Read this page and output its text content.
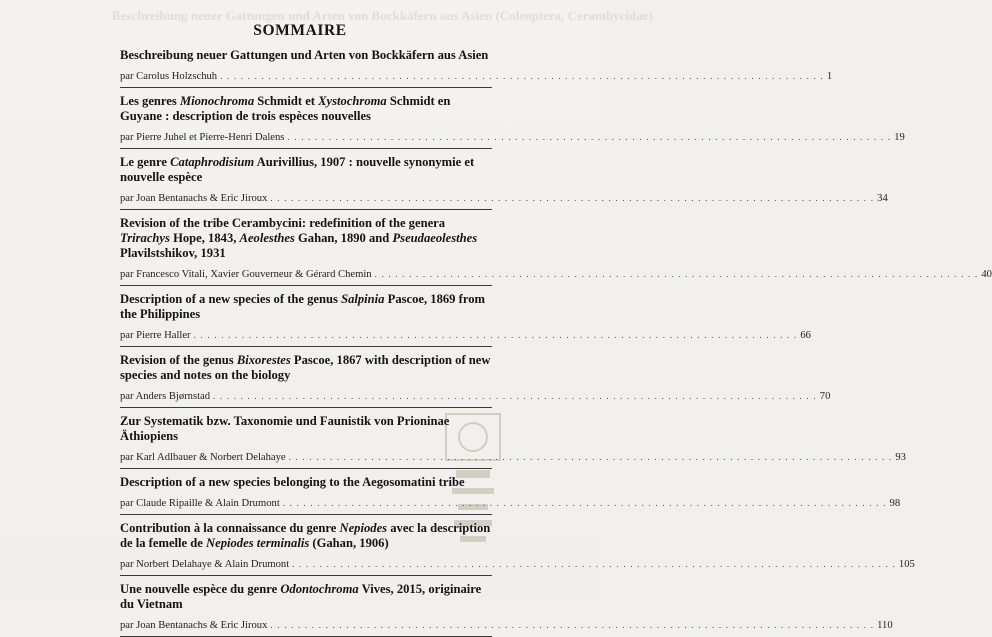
Beschreibung neuer Gattungen und Arten von Bockkäfern aus Asien (Coleoptera, Cerambycidae)
SOMMAIRE
Beschreibung neuer Gattungen und Arten von Bockkäfern aus Asien
par Carolus Holzschuh . . .	1
Les genres Mionochroma Schmidt et Xystochroma Schmidt en Guyane : description de trois espèces nouvelles
par Pierre Juhel et Pierre-Henri Dalens . . .	19
Le genre Cataphrodisium Aurivillius, 1907 : nouvelle synonymie et nouvelle espèce
par Joan Bentanachs & Eric Jiroux . . .	34
Revision of the tribe Cerambycini: redefinition of the genera Trirachys Hope, 1843, Aeolesthes Gahan, 1890 and Pseudaeolesthes Plavilstshikov, 1931
par Francesco Vitali, Xavier Gouverneur & Gérard Chemin . . .	40
Description of a new species of the genus Salpinia Pascoe, 1869 from the Philippines
par Pierre Haller . . .	66
Revision of the genus Bixorestes Pascoe, 1867 with description of new species and notes on the biology
par Anders Bjørnstad . . .	70
Zur Systematik bzw. Taxonomie und Faunistik von Prioninae Äthiopiens
par Karl Adlbauer & Norbert Delahaye . . .	93
Description of a new species belonging to the Aegosomatini tribe
par Claude Ripaille & Alain Drumont . . .	98
Contribution à la connaissance du genre Nepiodes avec la description de la femelle de Nepiodes terminalis (Gahan, 1906)
par Norbert Delahaye & Alain Drumont . . .	105
Une nouvelle espèce du genre Odontochroma Vives, 2015, originaire du Vietnam
par Joan Bentanachs & Eric Jiroux . . .	110
